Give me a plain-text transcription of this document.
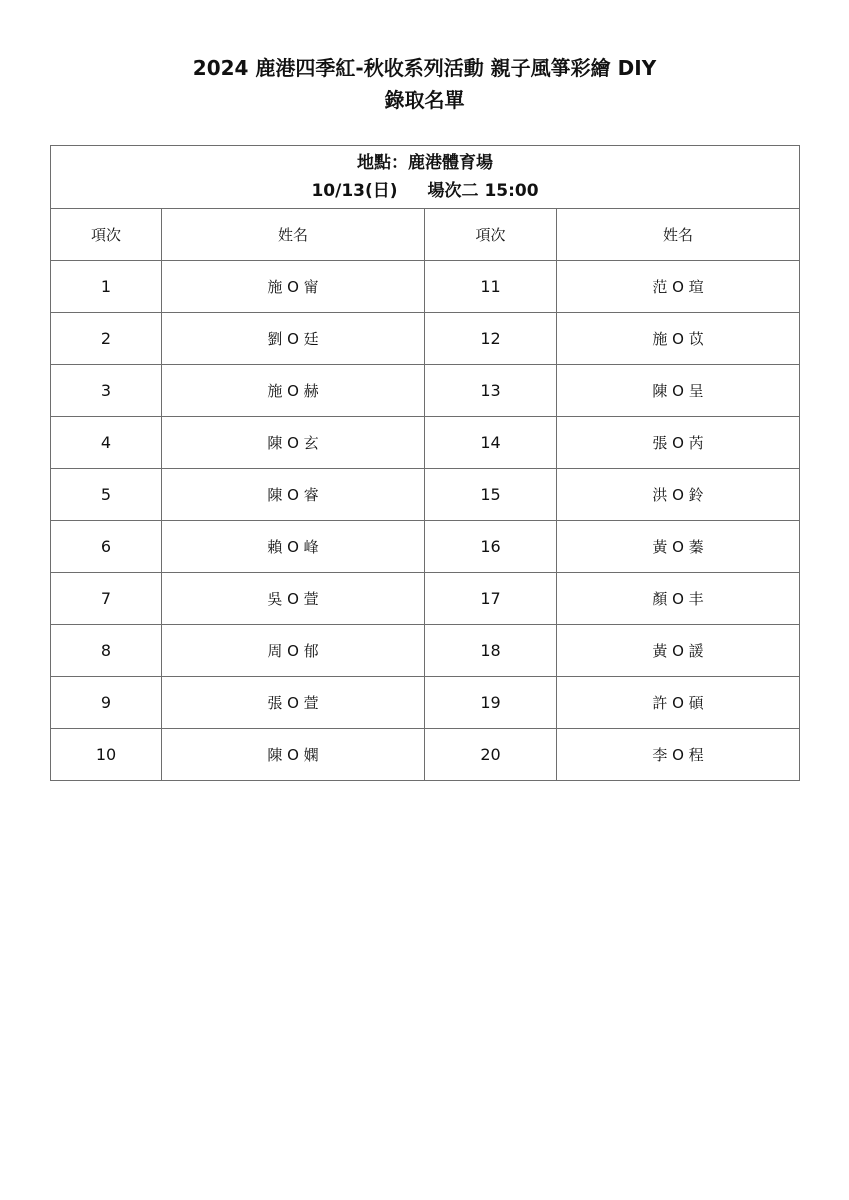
2024 鹿港四季紅-秋收系列活動 親子風箏彩繪 DIY
錄取名單
地點：鹿港體育場
10/13(日) 場次二 15:00			

項次	姓名	項次	姓名
1	施 O 甯	11	范 O 瑄
2	劉 O 廷	12	施 O 苡
3	施 O 赫	13	陳 O 呈
4	陳 O 玄	14	張 O 芮
5	陳 O 睿	15	洪 O 鈴
6	賴 O 峰	16	黃 O 蓁
7	吳 O 萱	17	顏 O 丰
8	周 O 郁	18	黃 O 諼
9	張 O 萱	19	許 O 碩
10	陳 O 嫻	20	李 O 程
